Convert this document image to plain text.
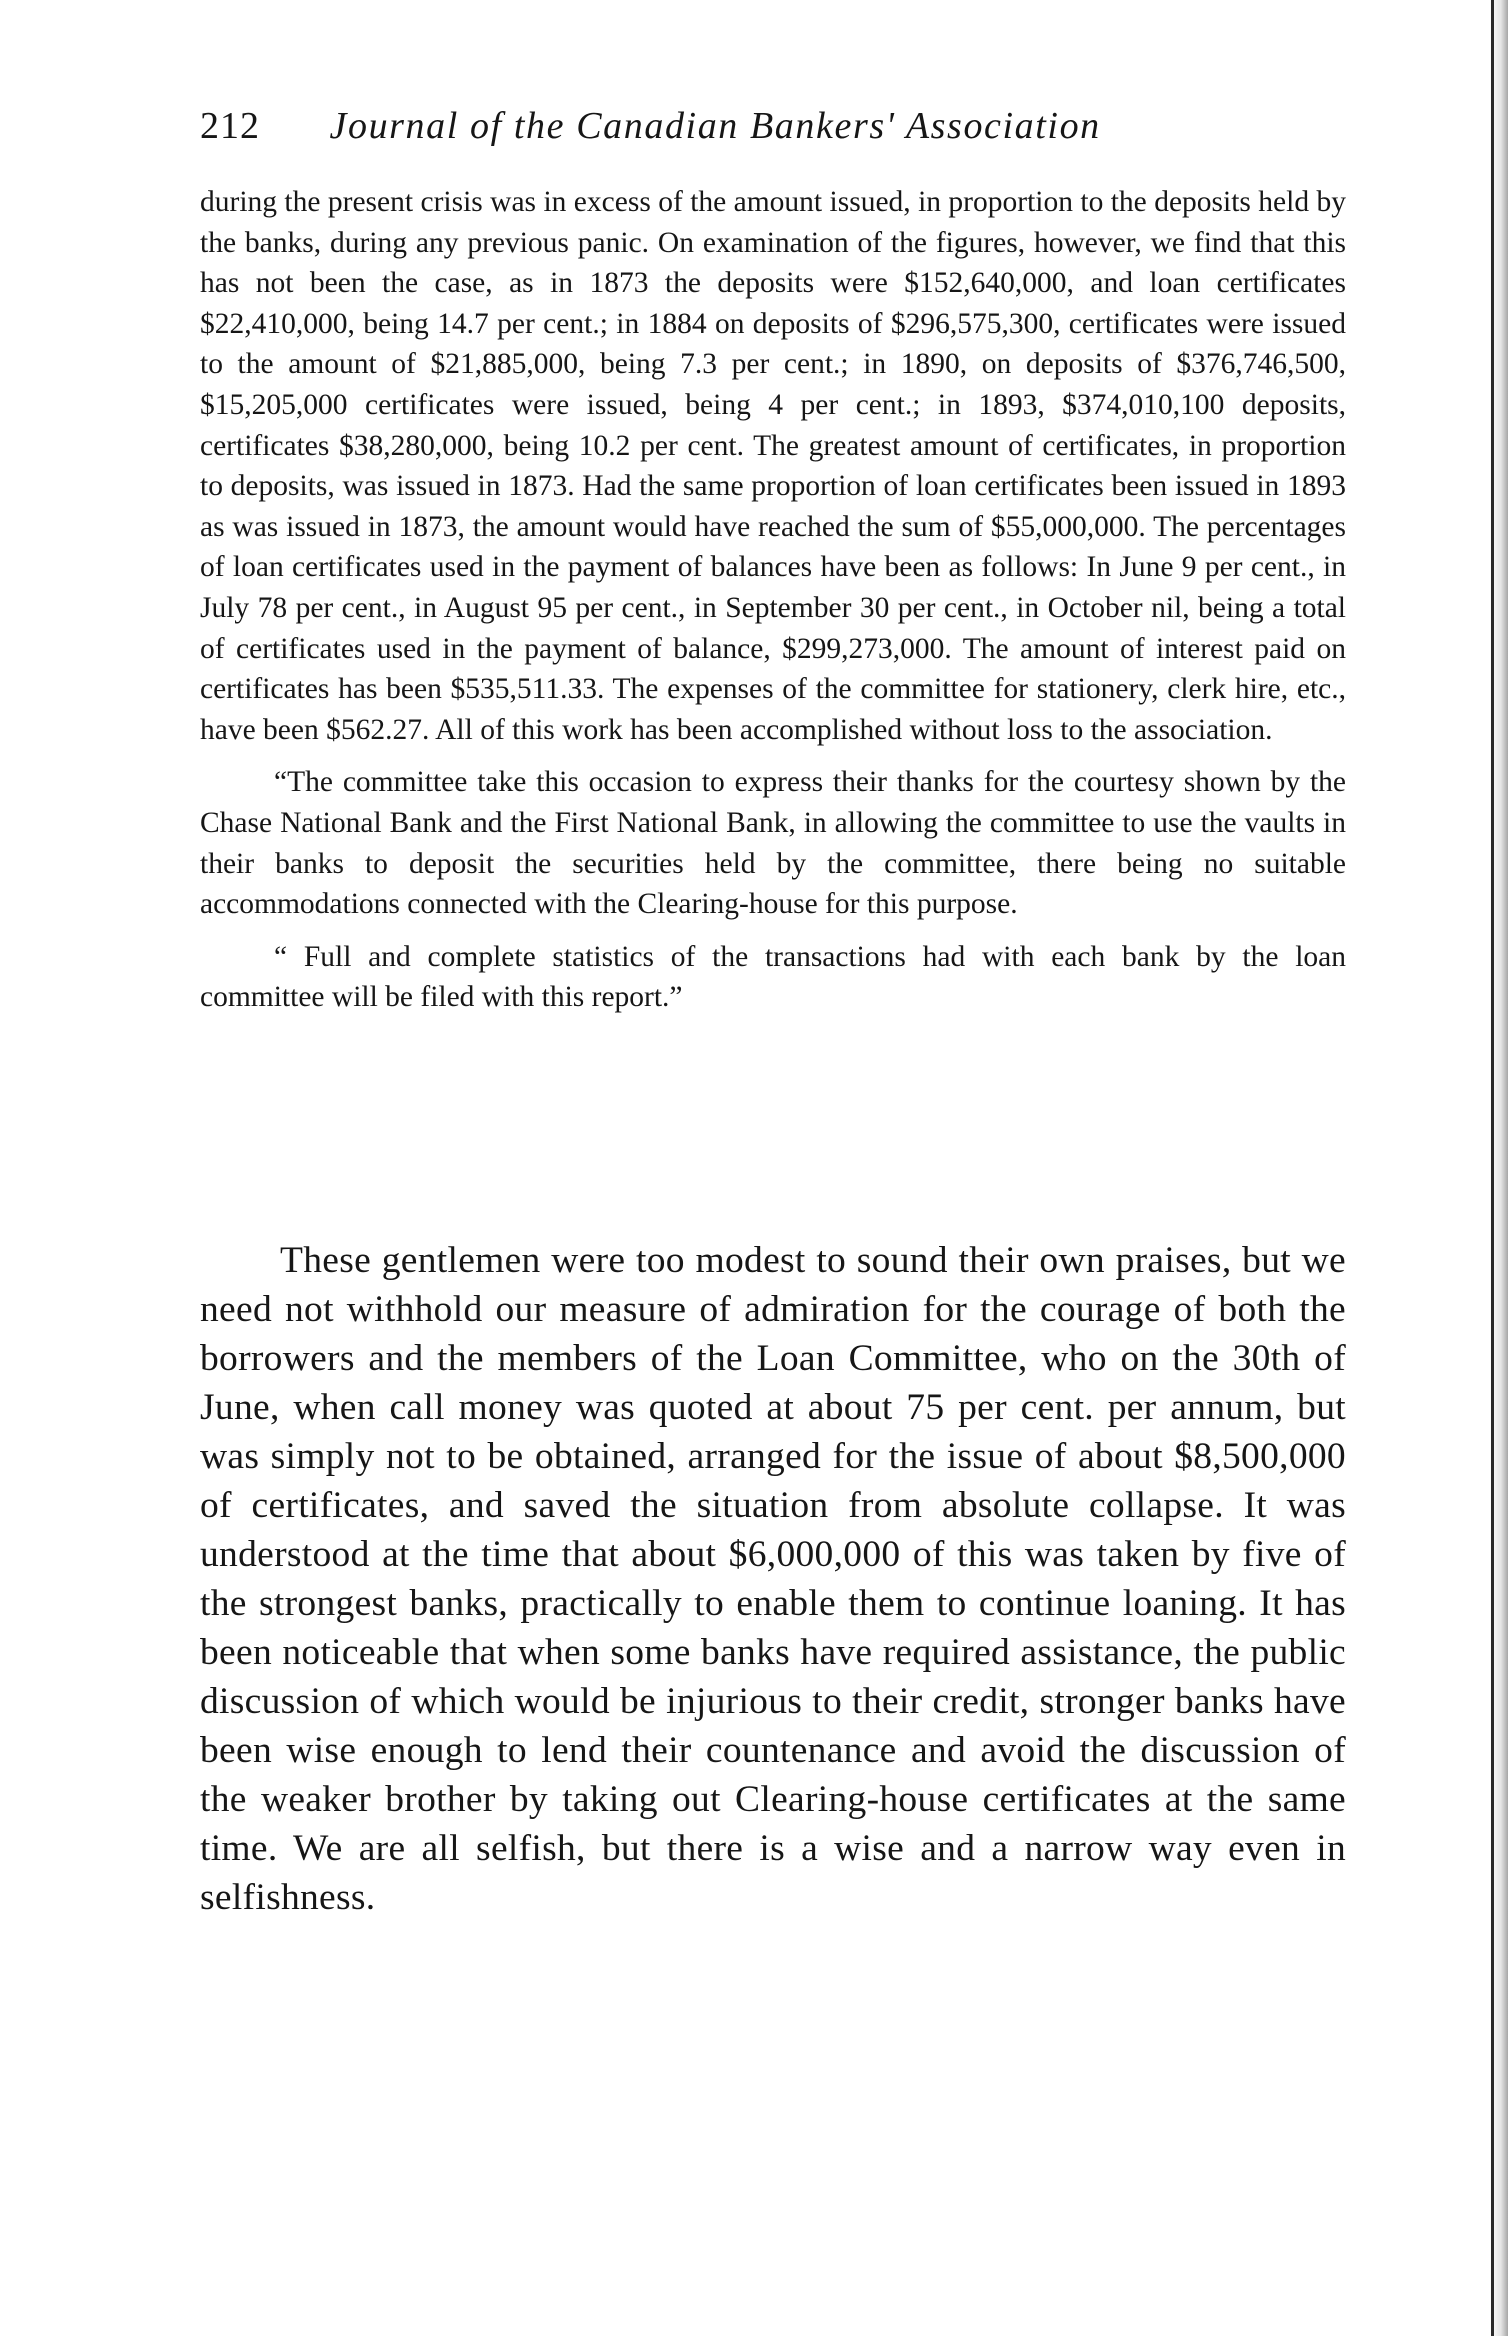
212 Journal of the Canadian Bankers' Association

during the present crisis was in excess of the amount issued, in proportion to the deposits held by the banks, during any previous panic. On examination of the figures, however, we find that this has not been the case, as in 1873 the deposits were $152,640,000, and loan certificates $22,410,000, being 14.7 per cent.; in 1884 on deposits of $296,575,300, certificates were issued to the amount of $21,885,000, being 7.3 per cent.; in 1890, on deposits of $376,746,500, $15,205,000 certificates were issued, being 4 per cent.; in 1893, $374,010,100 deposits, certificates $38,280,000, being 10.2 per cent. The greatest amount of certificates, in proportion to deposits, was issued in 1873. Had the same proportion of loan certificates been issued in 1893 as was issued in 1873, the amount would have reached the sum of $55,000,000. The percentages of loan certificates used in the payment of balances have been as follows: In June 9 per cent., in July 78 per cent., in August 95 per cent., in September 30 per cent., in October nil, being a total of certificates used in the payment of balance, $299,273,000. The amount of interest paid on certificates has been $535,511.33. The expenses of the committee for stationery, clerk hire, etc., have been $562.27. All of this work has been accomplished without loss to the association.

“The committee take this occasion to express their thanks for the courtesy shown by the Chase National Bank and the First National Bank, in allowing the committee to use the vaults in their banks to deposit the securities held by the committee, there being no suitable accommodations connected with the Clearing-house for this purpose.

“ Full and complete statistics of the transactions had with each bank by the loan committee will be filed with this report.”

These gentlemen were too modest to sound their own praises, but we need not withhold our measure of admiration for the courage of both the borrowers and the members of the Loan Committee, who on the 30th of June, when call money was quoted at about 75 per cent. per annum, but was simply not to be obtained, arranged for the issue of about $8,500,000 of certificates, and saved the situation from absolute collapse. It was understood at the time that about $6,000,000 of this was taken by five of the strongest banks, practically to enable them to continue loaning. It has been noticeable that when some banks have required assistance, the public discussion of which would be injurious to their credit, stronger banks have been wise enough to lend their countenance and avoid the discussion of the weaker brother by taking out Clearing-house certificates at the same time. We are all selfish, but there is a wise and a narrow way even in selfishness.
